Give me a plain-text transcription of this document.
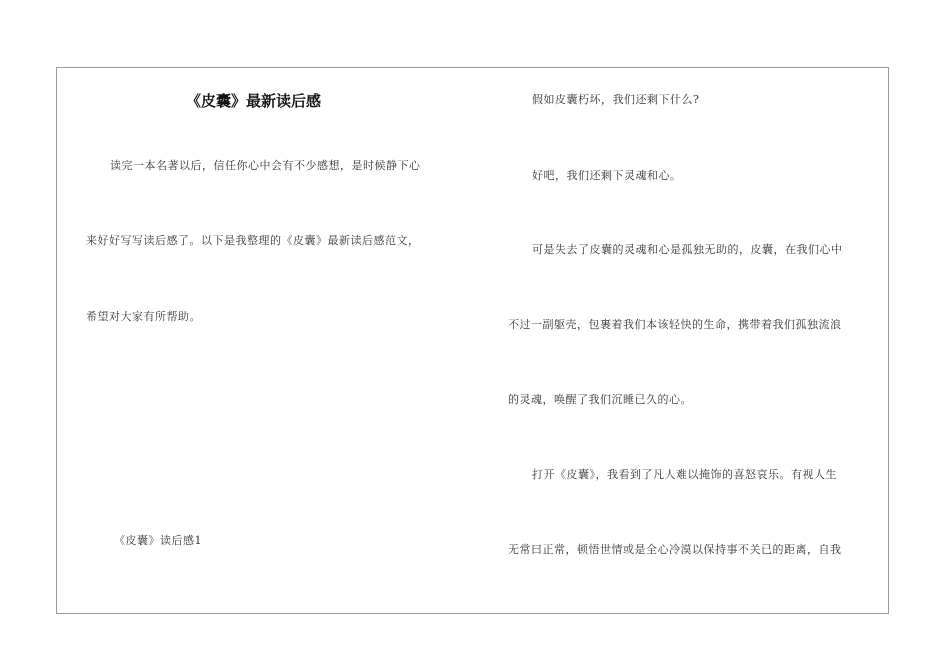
《皮囊》最新读后感
读完一本名著以后，信任你心中会有不少感想，是时候静下心
来好好写写读后感了。以下是我整理的《皮囊》最新读后感范文，
希望对大家有所帮助。
《皮囊》读后感1
假如皮囊朽坏，我们还剩下什么?
好吧，我们还剩下灵魂和心。
可是失去了皮囊的灵魂和心是孤独无助的，皮囊，在我们心中
不过一副躯壳，包裹着我们本该轻快的生命，携带着我们孤独流浪
的灵魂，唤醒了我们沉睡已久的心。
打开《皮囊》，我看到了凡人难以掩饰的喜怒哀乐。有视人生
无常曰正常，顿悟世情或是全心冷漠以保持事不关已的距离，自我
